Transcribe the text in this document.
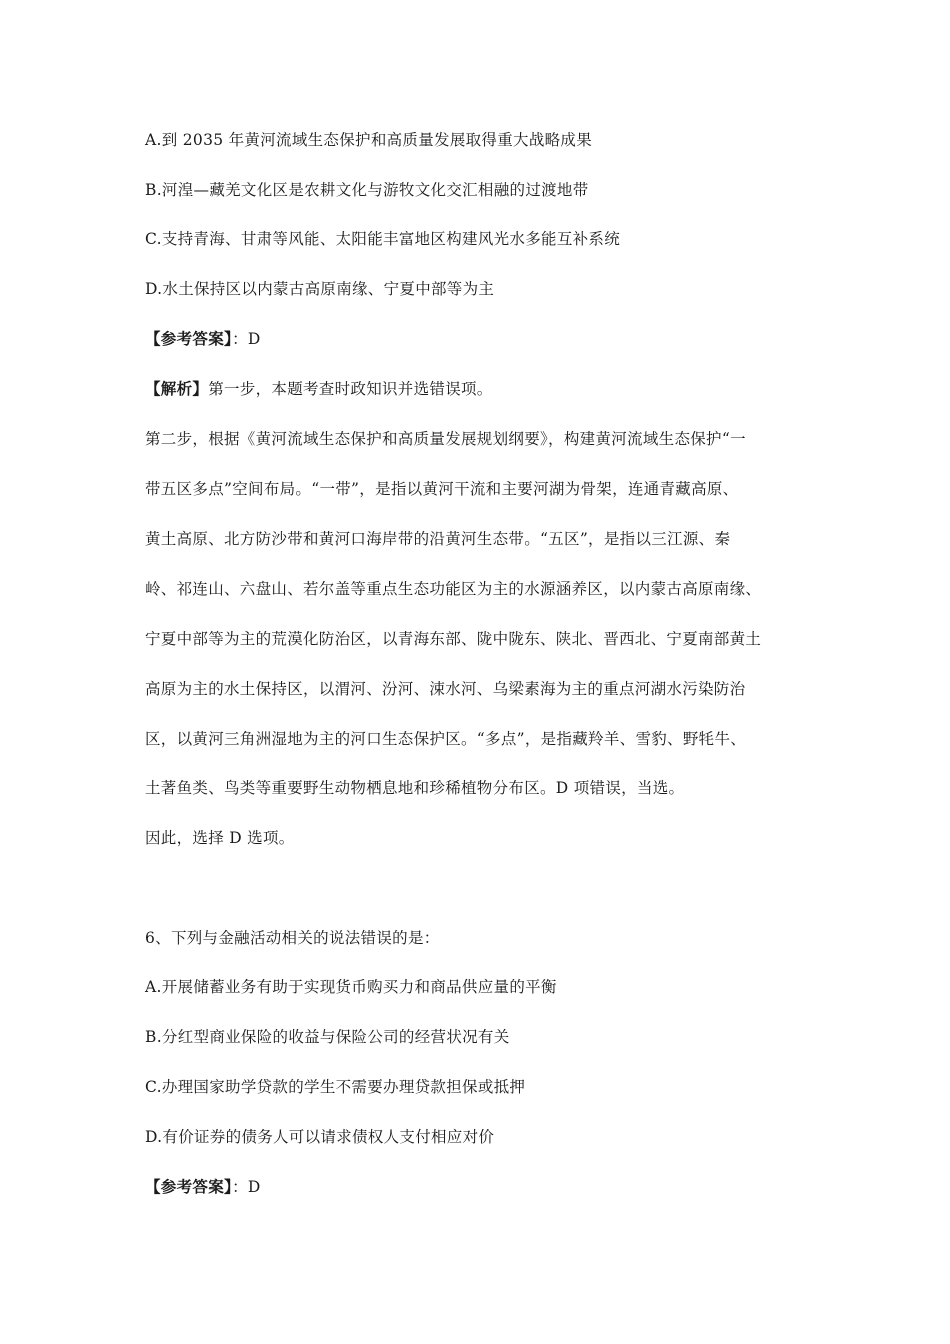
A.到 2035 年黄河流域生态保护和高质量发展取得重大战略成果
B.河湟—藏羌文化区是农耕文化与游牧文化交汇相融的过渡地带
C.支持青海、甘肃等风能、太阳能丰富地区构建风光水多能互补系统
D.水土保持区以内蒙古高原南缘、宁夏中部等为主
【参考答案】：D
【解析】第一步，本题考查时政知识并选错误项。
第二步，根据《黄河流域生态保护和高质量发展规划纲要》，构建黄河流域生态保护“一
带五区多点”空间布局。“一带”，是指以黄河干流和主要河湖为骨架，连通青藏高原、
黄土高原、北方防沙带和黄河口海岸带的沿黄河生态带。“五区”，是指以三江源、秦
岭、祁连山、六盘山、若尔盖等重点生态功能区为主的水源涵养区，以内蒙古高原南缘、
宁夏中部等为主的荒漠化防治区，以青海东部、陇中陇东、陕北、晋西北、宁夏南部黄土
高原为主的水土保持区，以渭河、汾河、涑水河、乌梁素海为主的重点河湖水污染防治
区，以黄河三角洲湿地为主的河口生态保护区。“多点”，是指藏羚羊、雪豹、野牦牛、
土著鱼类、鸟类等重要野生动物栖息地和珍稀植物分布区。D 项错误，当选。
因此，选择 D 选项。
6、下列与金融活动相关的说法错误的是：
A.开展储蓄业务有助于实现货币购买力和商品供应量的平衡
B.分红型商业保险的收益与保险公司的经营状况有关
C.办理国家助学贷款的学生不需要办理贷款担保或抵押
D.有价证券的债务人可以请求债权人支付相应对价
【参考答案】：D
